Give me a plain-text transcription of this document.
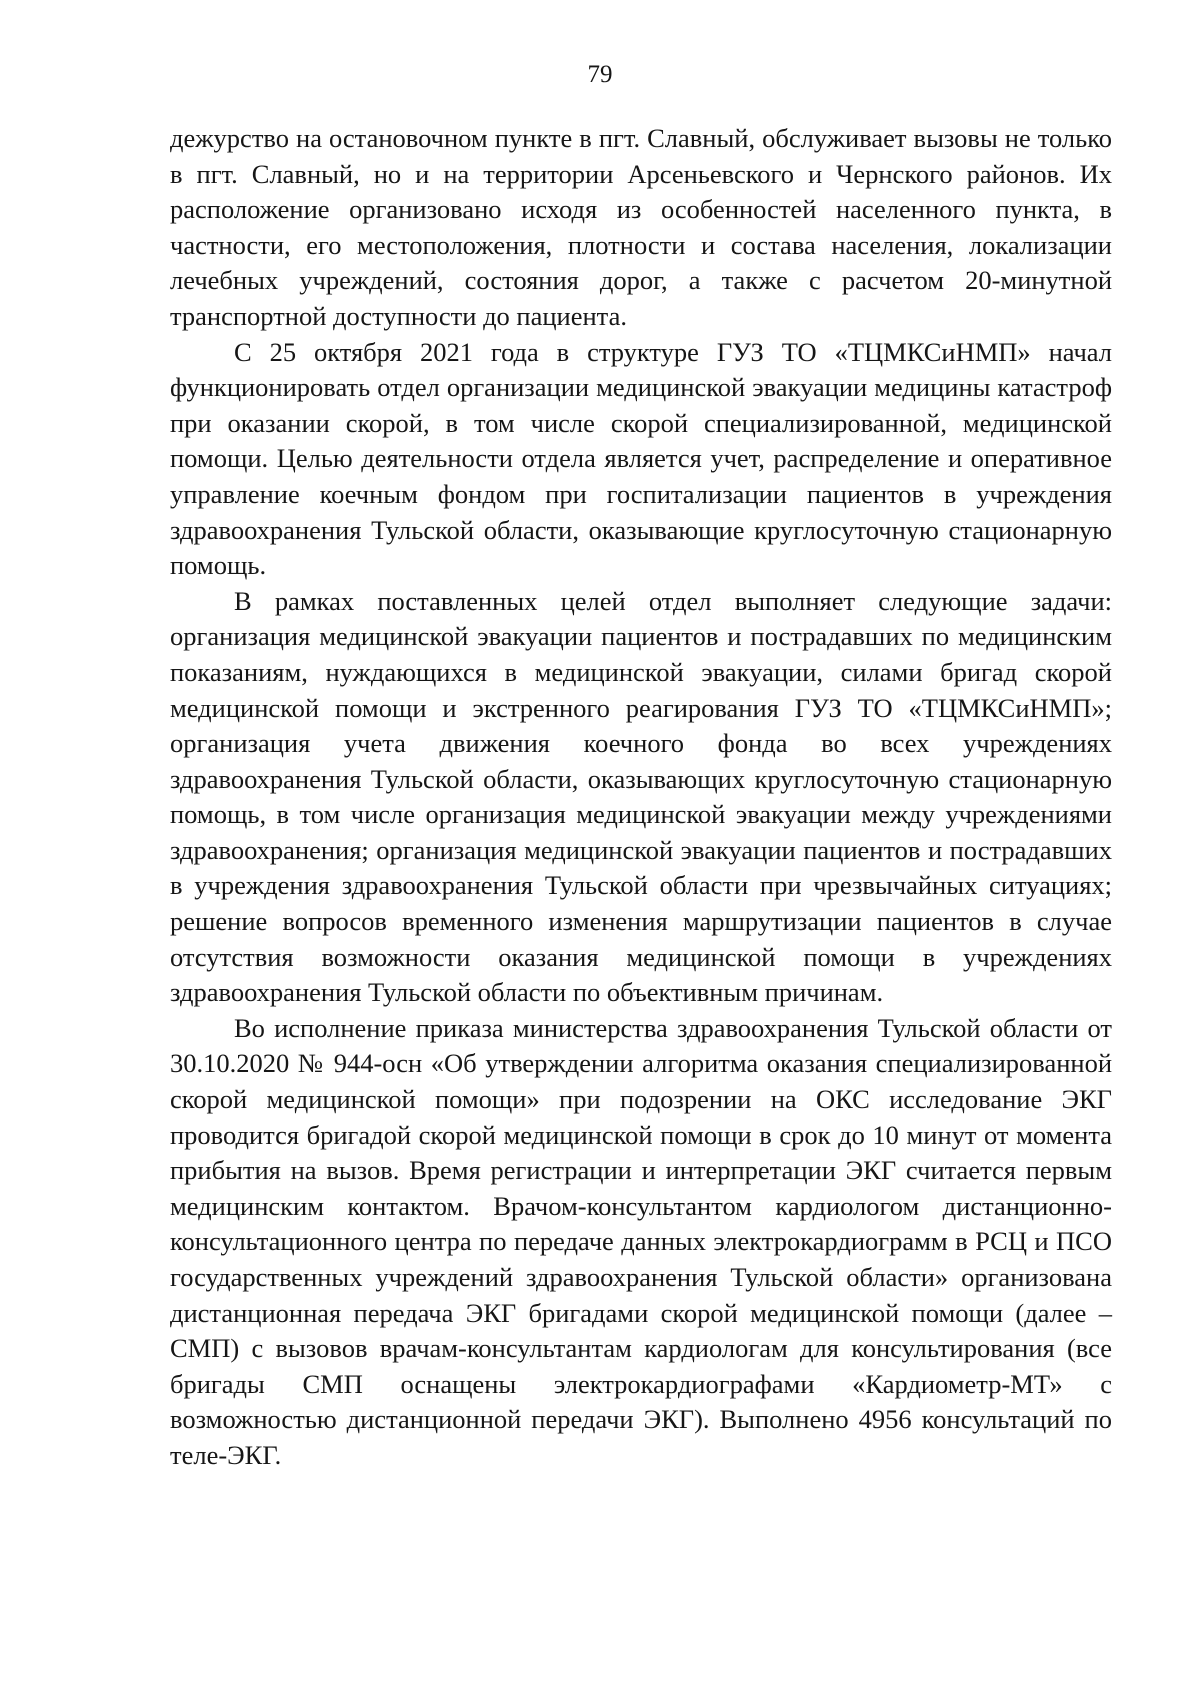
79

дежурство на остановочном пункте в пгт. Славный, обслуживает вызовы не только в пгт. Славный, но и на территории Арсеньевского и Чернского районов. Их расположение организовано исходя из особенностей населенного пункта, в частности, его местоположения, плотности и состава населения, локализации лечебных учреждений, состояния дорог, а также с расчетом 20-минутной транспортной доступности до пациента.

С 25 октября 2021 года в структуре ГУЗ ТО «ТЦМКСиНМП» начал функционировать отдел организации медицинской эвакуации медицины катастроф при оказании скорой, в том числе скорой специализированной, медицинской помощи. Целью деятельности отдела является учет, распределение и оперативное управление коечным фондом при госпитализации пациентов в учреждения здравоохранения Тульской области, оказывающие круглосуточную стационарную помощь.

В рамках поставленных целей отдел выполняет следующие задачи: организация медицинской эвакуации пациентов и пострадавших по медицинским показаниям, нуждающихся в медицинской эвакуации, силами бригад скорой медицинской помощи и экстренного реагирования ГУЗ ТО «ТЦМКСиНМП»; организация учета движения коечного фонда во всех учреждениях здравоохранения Тульской области, оказывающих круглосуточную стационарную помощь, в том числе организация медицинской эвакуации между учреждениями здравоохранения; организация медицинской эвакуации пациентов и пострадавших в учреждения здравоохранения Тульской области при чрезвычайных ситуациях; решение вопросов временного изменения маршрутизации пациентов в случае отсутствия возможности оказания медицинской помощи в учреждениях здравоохранения Тульской области по объективным причинам.

Во исполнение приказа министерства здравоохранения Тульской области от 30.10.2020 № 944-осн «Об утверждении алгоритма оказания специализированной скорой медицинской помощи» при подозрении на ОКС исследование ЭКГ проводится бригадой скорой медицинской помощи в срок до 10 минут от момента прибытия на вызов. Время регистрации и интерпретации ЭКГ считается первым медицинским контактом. Врачом-консультантом кардиологом дистанционно-консультационного центра по передаче данных электрокардиограмм в РСЦ и ПСО государственных учреждений здравоохранения Тульской области» организована дистанционная передача ЭКГ бригадами скорой медицинской помощи (далее – СМП) с вызовов врачам-консультантам кардиологам для консультирования (все бригады СМП оснащены электрокардиографами «Кардиометр-МТ» с возможностью дистанционной передачи ЭКГ). Выполнено 4956 консультаций по теле-ЭКГ.
